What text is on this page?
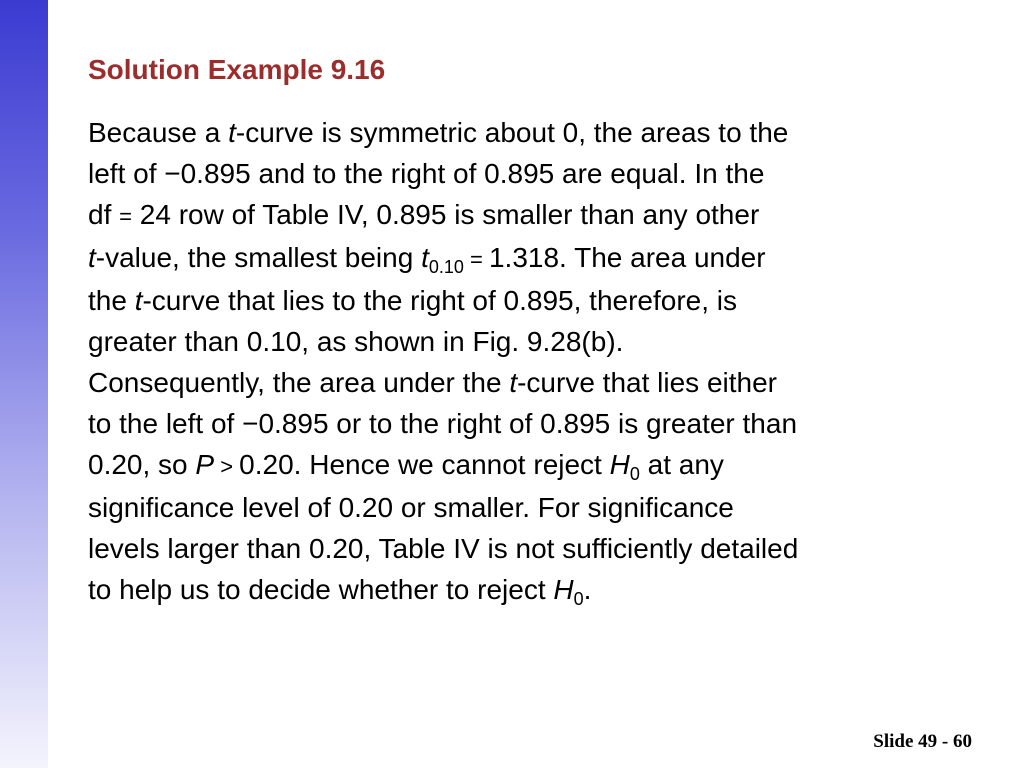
Solution Example 9.16
Because a t-curve is symmetric about 0, the areas to the
left of −0.895 and to the right of 0.895 are equal. In the
df = 24 row of Table IV, 0.895 is smaller than any other
t-value, the smallest being $t_{0.10} = 1.318$. The area under
the t-curve that lies to the right of 0.895, therefore, is
greater than 0.10, as shown in Fig. 9.28(b).
Consequently, the area under the t-curve that lies either
to the left of −0.895 or to the right of 0.895 is greater than
0.20, so P > 0.20. Hence we cannot reject $H_0$ at any
significance level of 0.20 or smaller. For significance
levels larger than 0.20, Table IV is not sufficiently detailed
to help us to decide whether to reject $H_0$.
Slide 49 - 60
